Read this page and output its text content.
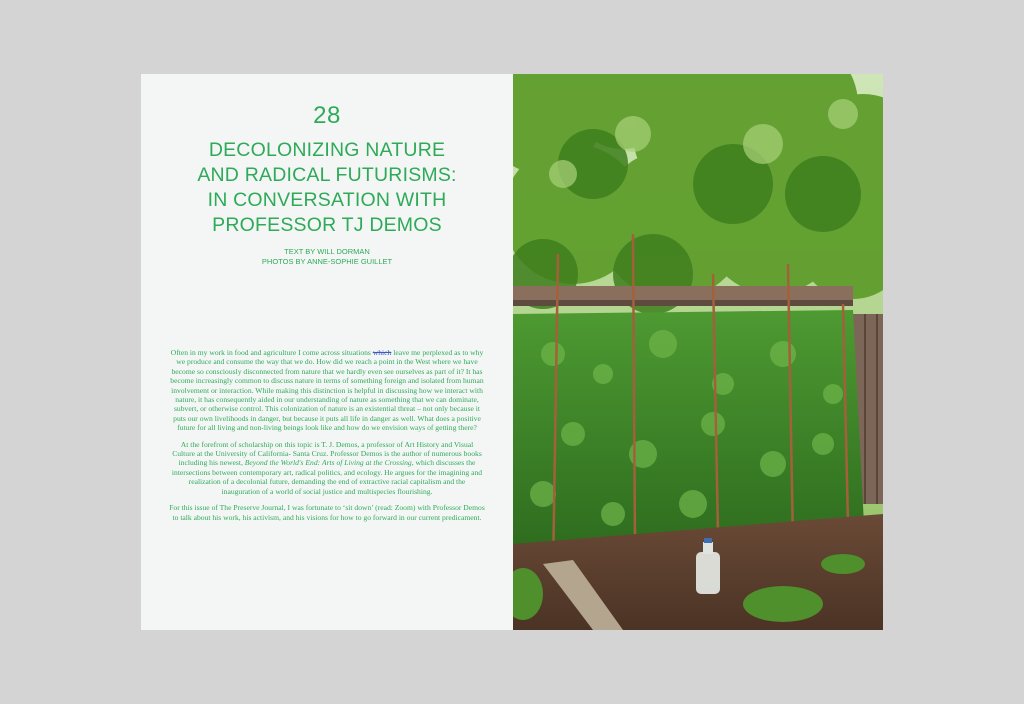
28
DECOLONIZING NATURE
AND RADICAL FUTURISMS:
IN CONVERSATION WITH
PROFESSOR TJ DEMOS
TEXT BY WILL DORMAN
PHOTOS BY ANNE-SOPHIE GUILLET

Often in my work in food and agriculture I come across situations which leave me perplexed as to why we produce and consume the way that we do. How did we reach a point in the West where we have become so consciously disconnected from nature that we hardly even see ourselves as part of it? It has become increasingly common to discuss nature in terms of something foreign and isolated from human involvement or interaction. While making this distinction is helpful in discussing how we interact with nature, it has consequently aided in our understanding of nature as something that we can dominate, subvert, or otherwise control. This colonization of nature is an existential threat – not only because it puts our own livelihoods in danger, but because it puts all life in danger as well. What does a positive future for all living and non-living beings look like and how do we envision ways of getting there?

At the forefront of scholarship on this topic is T. J. Demos, a professor of Art History and Visual Culture at the University of California- Santa Cruz. Professor Demos is the author of numerous books including his newest, Beyond the World's End: Arts of Living at the Crossing, which discusses the intersections between contemporary art, radical politics, and ecology. He argues for the imagining and realization of a decolonial future, demanding the end of extractive racial capitalism and the inauguration of a world of social justice and multispecies flourishing.

For this issue of The Preserve Journal, I was fortunate to ‘sit down’ (read: Zoom) with Professor Demos to talk about his work, his activism, and his visions for how to go forward in our current predicament.
